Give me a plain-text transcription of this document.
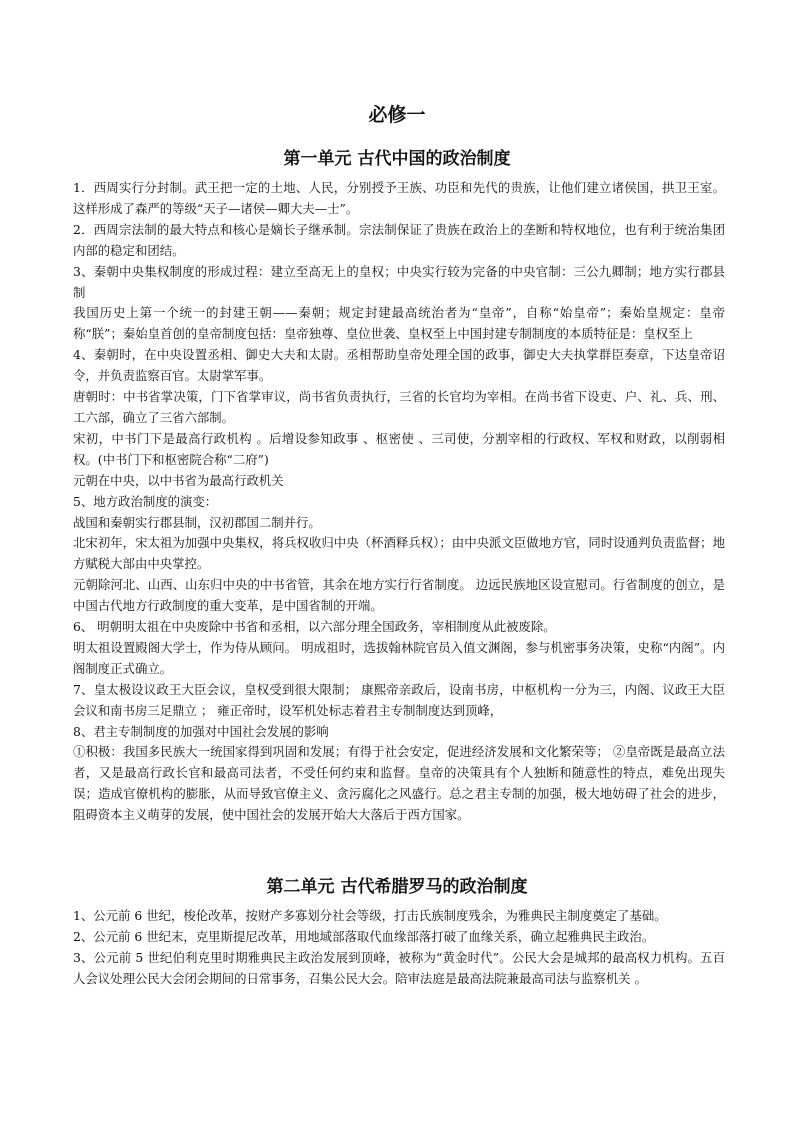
必修一
第一单元 古代中国的政治制度

1．西周实行分封制。武王把一定的土地、人民，分别授予王族、功臣和先代的贵族，让他们建立诸侯国，拱卫王室。这样形成了森严的等级“天子—诸侯—卿大夫—士”。

2．西周宗法制的最大特点和核心是嫡长子继承制。宗法制保证了贵族在政治上的垄断和特权地位，也有利于统治集团内部的稳定和团结。

3、秦朝中央集权制度的形成过程：建立至高无上的皇权；中央实行较为完备的中央官制：三公九卿制；地方实行郡县制

我国历史上第一个统一的封建王朝——秦朝；规定封建最高统治者为“皇帝”，自称“始皇帝”；秦始皇规定：皇帝称“朕”；秦始皇首创的皇帝制度包括：皇帝独尊、皇位世袭、皇权至上中国封建专制制度的本质特征是：皇权至上

4、秦朝时，在中央设置丞相、御史大夫和太尉。丞相帮助皇帝处理全国的政事，御史大夫执掌群臣奏章，下达皇帝诏令，并负责监察百官。太尉掌军事。

唐朝时：中书省掌决策，门下省掌审议，尚书省负责执行，三省的长官均为宰相。在尚书省下设吏、户、礼、兵、刑、工六部，确立了三省六部制。

宋初，中书门下是最高行政机构 。后增设参知政事 、枢密使 、三司使，分割宰相的行政权、军权和财政，以削弱相权。(中书门下和枢密院合称“二府”)

元朝在中央，以中书省为最高行政机关

5、地方政治制度的演变：

战国和秦朝实行郡县制，汉初郡国二制并行。

北宋初年，宋太祖为加强中央集权，将兵权收归中央（杯酒释兵权）；由中央派文臣做地方官，同时设通判负责监督；地方赋税大部由中央掌控。

元朝除河北、山西、山东归中央的中书省管，其余在地方实行行省制度。 边远民族地区设宣慰司。行省制度的创立，是中国古代地方行政制度的重大变革，是中国省制的开端。

6、 明朝明太祖在中央废除中书省和丞相，以六部分理全国政务，宰相制度从此被废除。

明太祖设置殿阁大学士，作为侍从顾问。 明成祖时，选拔翰林院官员入值文渊阁，参与机密事务决策，史称“内阁”。内阁制度正式确立。

7、皇太极设议政王大臣会议，皇权受到很大限制； 康熙帝亲政后，设南书房，中枢机构一分为三，内阁、议政王大臣会议和南书房三足鼎立 ； 雍正帝时，设军机处标志着君主专制制度达到顶峰，

8、君主专制制度的加强对中国社会发展的影响

①积极：我国多民族大一统国家得到巩固和发展；有得于社会安定，促进经济发展和文化繁荣等； ②皇帝既是最高立法者，又是最高行政长官和最高司法者，不受任何约束和监督。皇帝的决策具有个人独断和随意性的特点，难免出现失误；造成官僚机构的膨胀，从而导致官僚主义、贪污腐化之风盛行。总之君主专制的加强，极大地妨碍了社会的进步，阻碍资本主义萌芽的发展，使中国社会的发展开始大大落后于西方国家。

第二单元 古代希腊罗马的政治制度

1、公元前 6 世纪，梭伦改革，按财产多寡划分社会等级，打击氏族制度残余，为雅典民主制度奠定了基础。

2、公元前 6 世纪末，克里斯提尼改革，用地域部落取代血缘部落打破了血缘关系，确立起雅典民主政治。

3、公元前 5 世纪伯利克里时期雅典民主政治发展到顶峰，被称为“黄金时代”。公民大会是城邦的最高权力机构。五百人会议处理公民大会闭会期间的日常事务，召集公民大会。陪审法庭是最高法院兼最高司法与监察机关 。
